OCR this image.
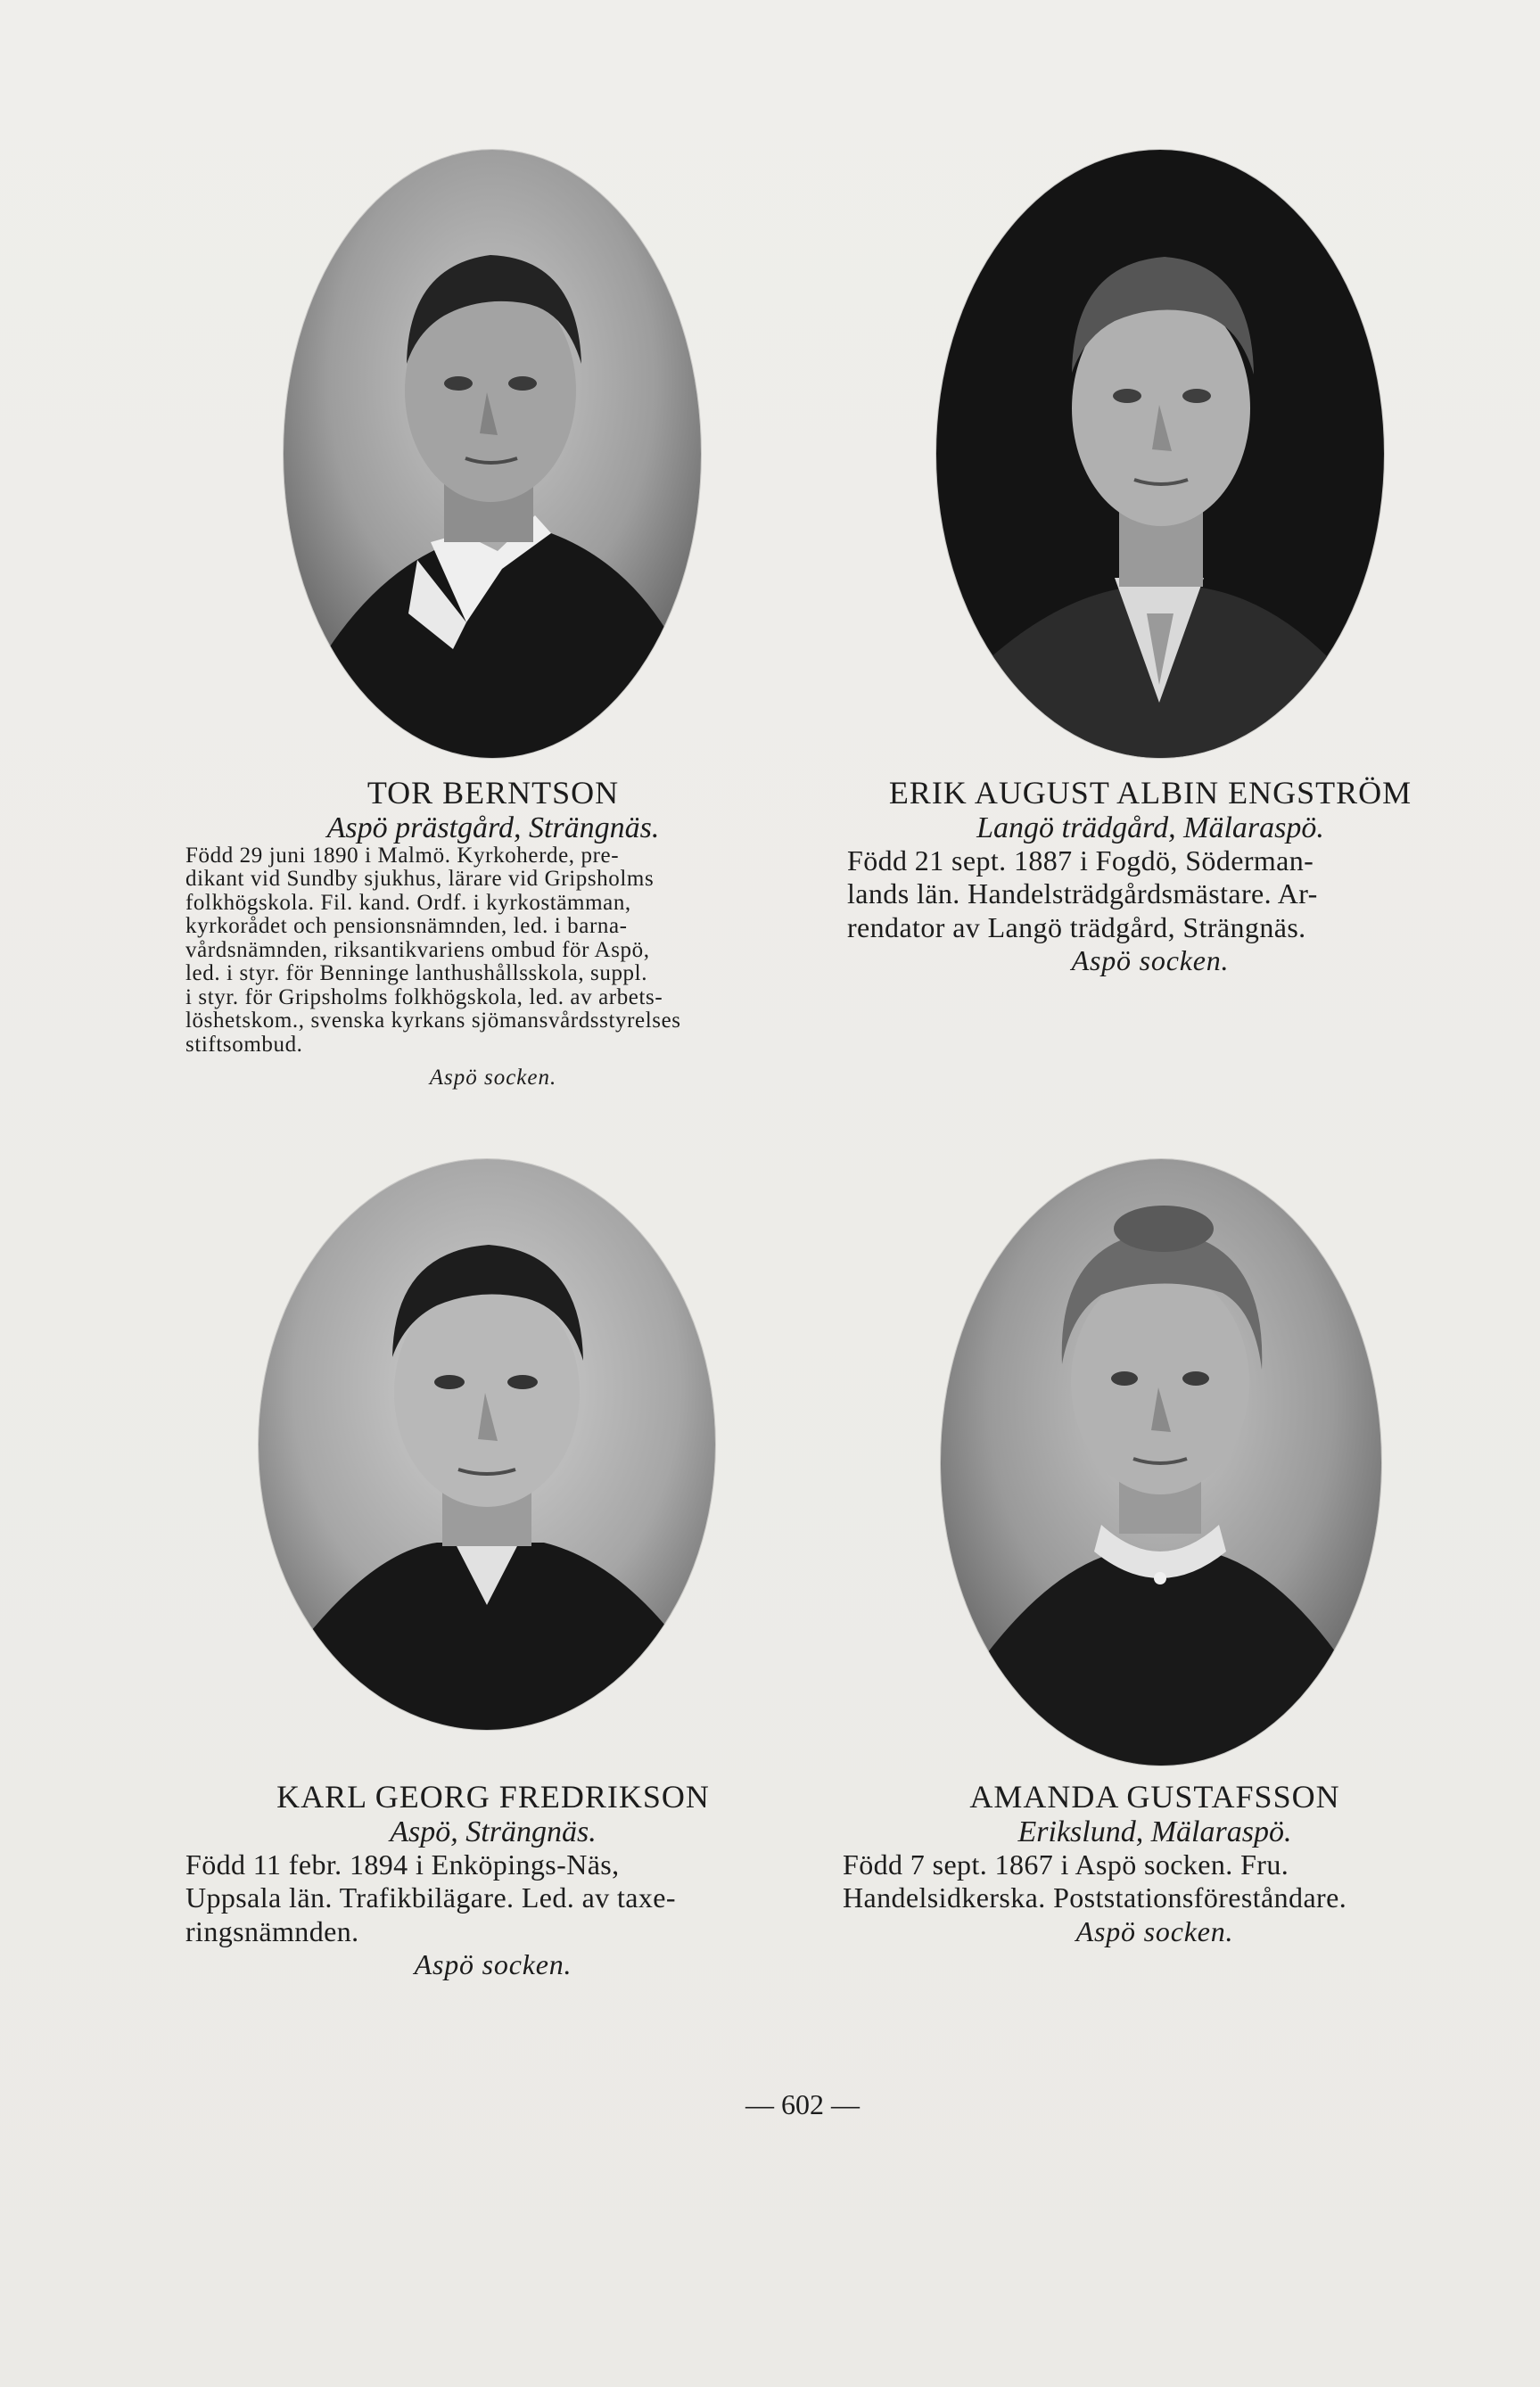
TOR BERNTSON

Aspö prästgård, Strängnäs.

Född 29 juni 1890 i Malmö. Kyrkoherde, pre-
dikant vid Sundby sjukhus, lärare vid Gripsholms
folkhögskola. Fil. kand. Ordf. i kyrkostämman,
kyrkorådet och pensionsnämnden, led. i barna-
vårdsnämnden, riksantikvariens ombud för Aspö,
led. i styr. för Benninge lanthushållsskola, suppl.
i styr. för Gripsholms folkhögskola, led. av arbets-
löshetskom., svenska kyrkans sjömansvårdsstyrelses
stiftsombud.

Aspö socken.

ERIK AUGUST ALBIN ENGSTRÖM

Langö trädgård, Mälaraspö.

Född 21 sept. 1887 i Fogdö, Söderman-
lands län. Handelsträdgårdsmästare. Ar-
rendator av Langö trädgård, Strängnäs.

Aspö socken.

KARL GEORG FREDRIKSON

Aspö, Strängnäs.

Född 11 febr. 1894 i Enköpings-Näs,
Uppsala län. Trafikbilägare. Led. av taxe-
ringsnämnden.

Aspö socken.

AMANDA GUSTAFSSON

Erikslund, Mälaraspö.

Född 7 sept. 1867 i Aspö socken. Fru.
Handelsidkerska. Poststationsföreståndare.

Aspö socken.

— 602 —
